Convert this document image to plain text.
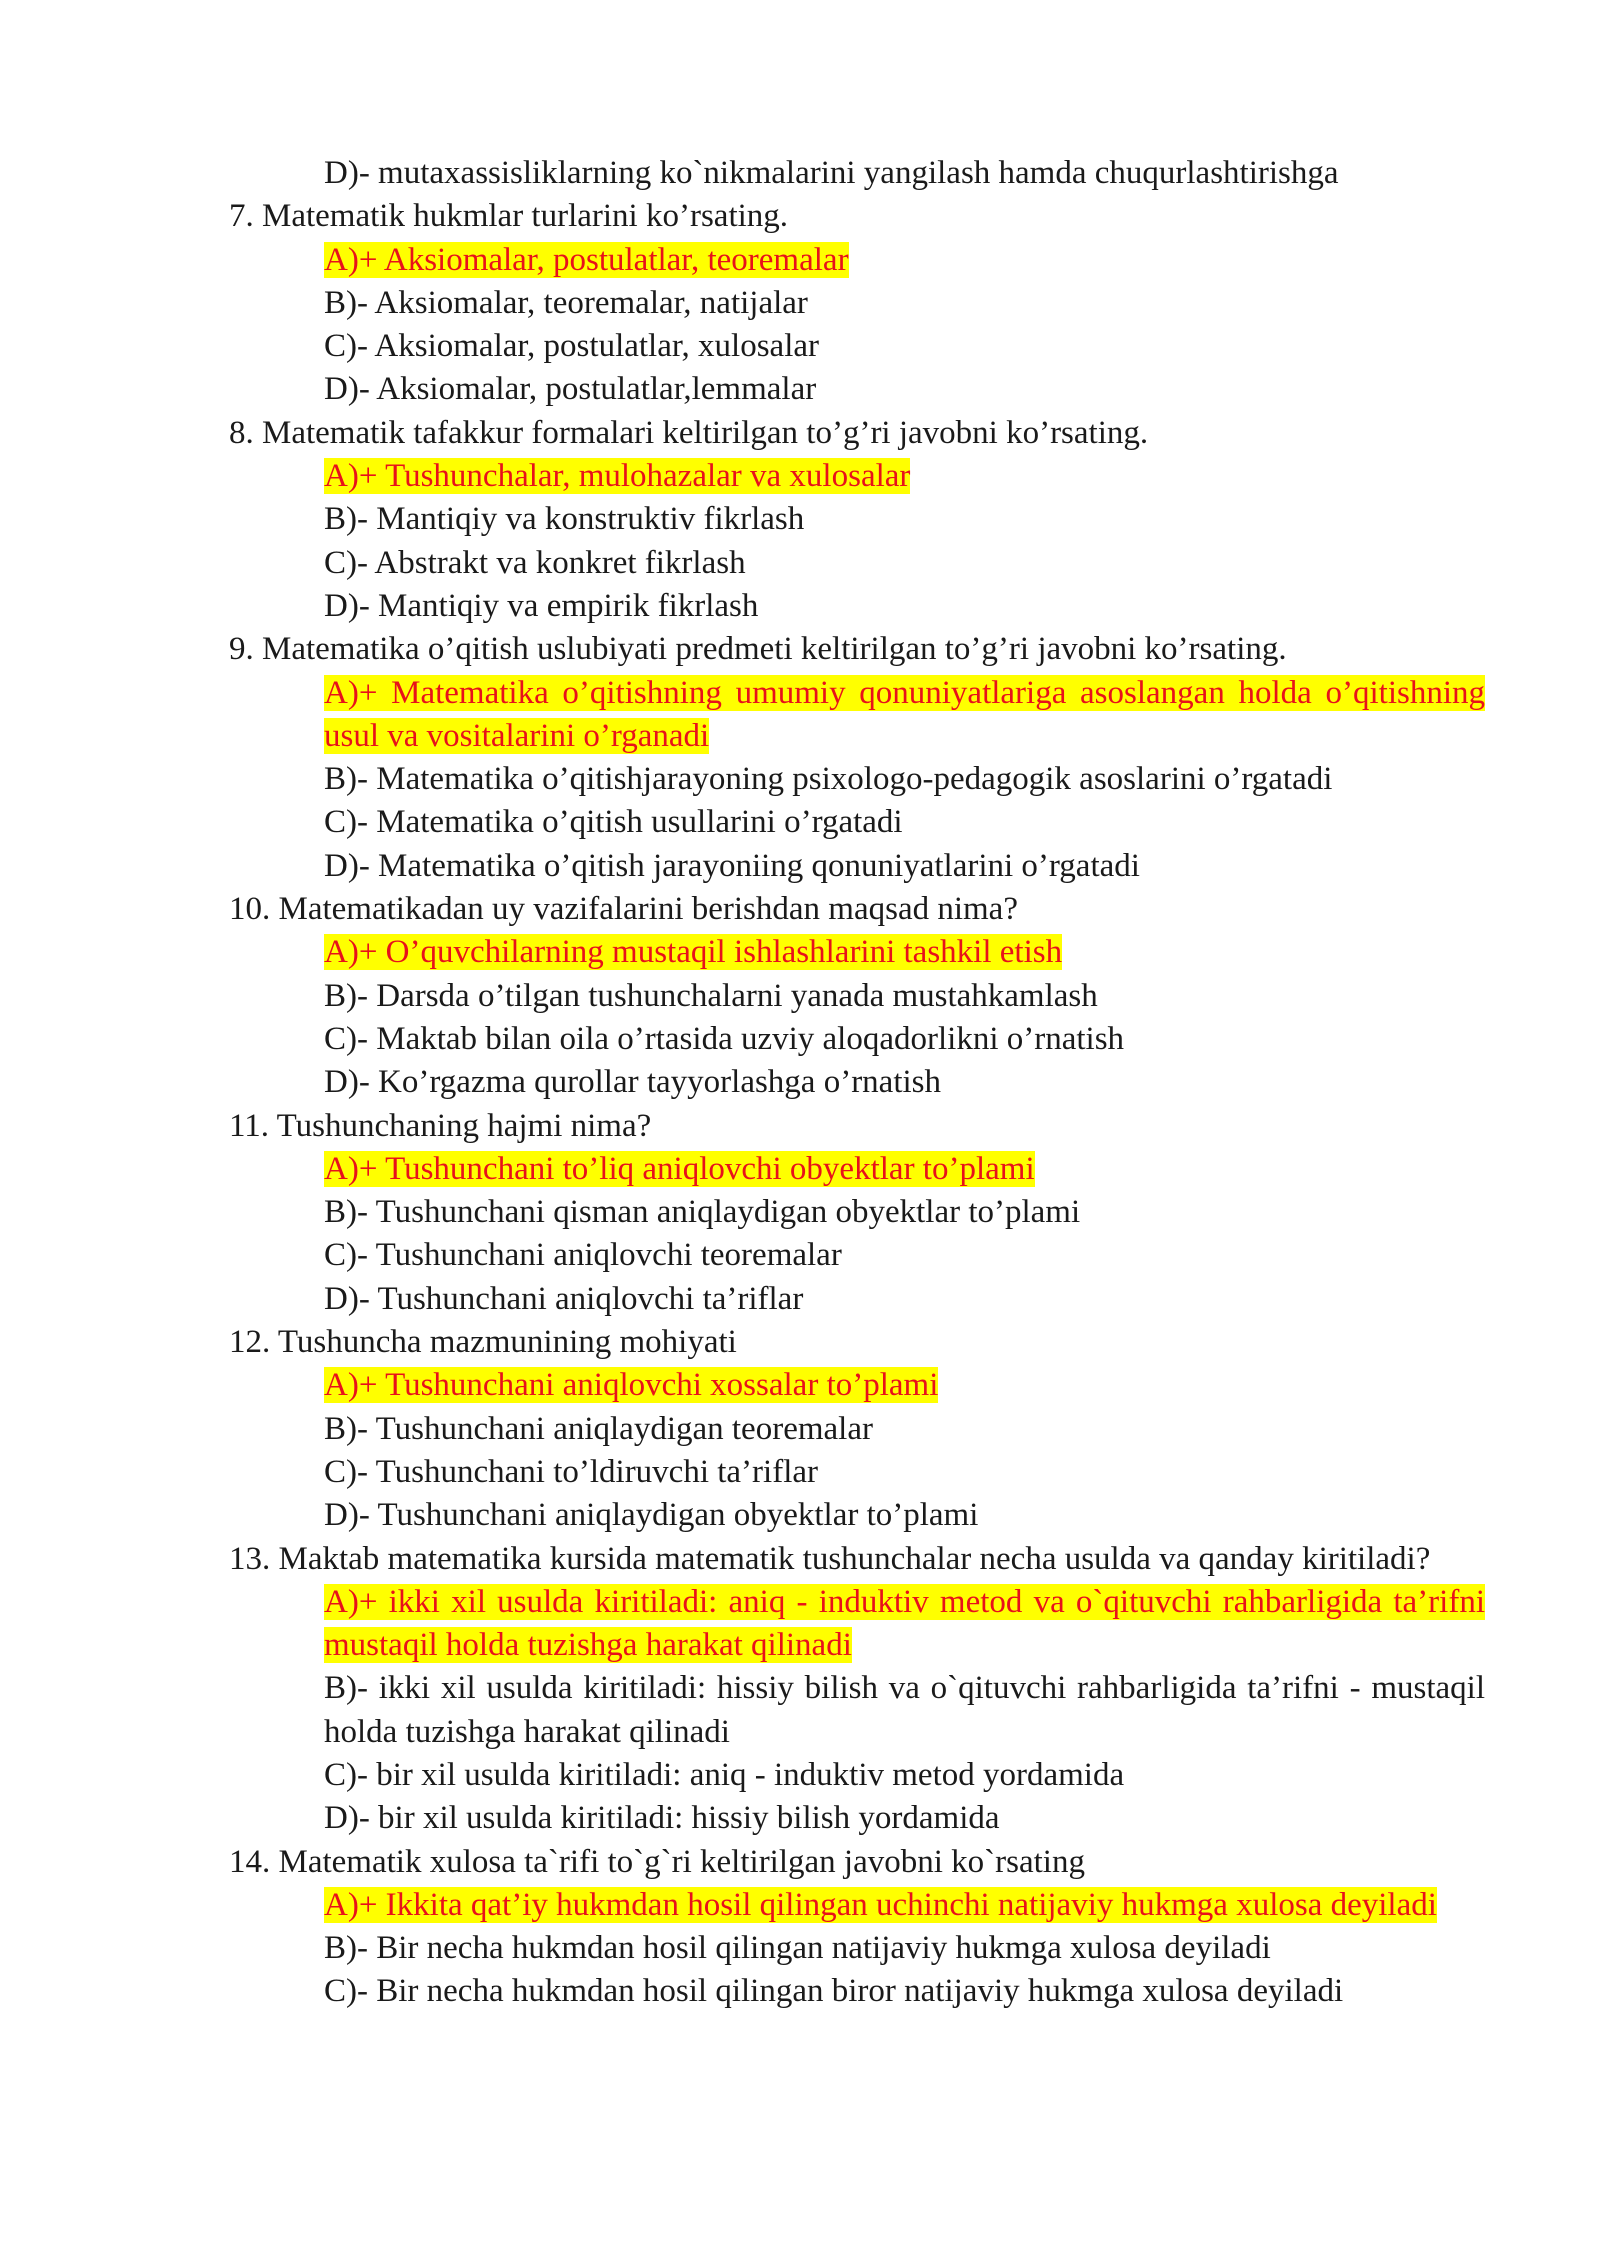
D)- mutaxassisliklarning ko`nikmalarini yangilash hamda chuqurlashtirishga
7. Matematik hukmlar turlarini ko’rsating.
A)+ Aksiomalar, postulatlar, teoremalar
B)- Aksiomalar, teoremalar, natijalar
C)- Aksiomalar, postulatlar, xulosalar
D)- Aksiomalar, postulatlar,lemmalar
8. Matematik tafakkur formalari keltirilgan to’g’ri javobni ko’rsating.
A)+ Tushunchalar, mulohazalar va xulosalar
B)- Mantiqiy va konstruktiv fikrlash
C)- Abstrakt va konkret fikrlash
D)- Mantiqiy va empirik fikrlash
9. Matematika o’qitish uslubiyati predmeti keltirilgan to’g’ri javobni ko’rsating.
A)+ Matematika o’qitishning umumiy qonuniyatlariga asoslangan holda o’qitishning usul va vositalarini o’rganadi
B)- Matematika o’qitishjarayoning psixologo-pedagogik asoslarini o’rgatadi
C)- Matematika o’qitish usullarini o’rgatadi
D)- Matematika o’qitish jarayoniing qonuniyatlarini o’rgatadi
10. Matematikadan uy vazifalarini berishdan maqsad nima?
A)+ O’quvchilarning mustaqil ishlashlarini tashkil etish
B)- Darsda o’tilgan tushunchalarni yanada mustahkamlash
C)- Maktab bilan oila o’rtasida uzviy aloqadorlikni o’rnatish
D)- Ko’rgazma qurollar tayyorlashga o’rnatish
11. Tushunchaning hajmi nima?
A)+ Tushunchani to’liq aniqlovchi obyektlar to’plami
B)- Tushunchani qisman aniqlaydigan obyektlar to’plami
C)- Tushunchani aniqlovchi teoremalar
D)- Tushunchani aniqlovchi ta’riflar
12. Tushuncha mazmunining mohiyati
A)+ Tushunchani aniqlovchi xossalar to’plami
B)- Tushunchani aniqlaydigan teoremalar
C)- Tushunchani to’ldiruvchi ta’riflar
D)- Tushunchani aniqlaydigan obyektlar to’plami
13. Maktab matematika kursida matematik tushunchalar necha usulda va qanday kiritiladi?
A)+ ikki xil usulda kiritiladi: aniq - induktiv metod va o`qituvchi rahbarligida ta’rifni mustaqil holda tuzishga harakat qilinadi
B)- ikki xil usulda kiritiladi: hissiy bilish va o`qituvchi rahbarligida ta’rifni - mustaqil holda tuzishga harakat qilinadi
C)- bir xil usulda kiritiladi: aniq - induktiv metod yordamida
D)- bir xil usulda kiritiladi: hissiy bilish yordamida
14. Matematik xulosa ta`rifi to`g`ri keltirilgan javobni ko`rsating
A)+ Ikkita qat’iy hukmdan hosil qilingan uchinchi natijaviy hukmga xulosa deyiladi
B)- Bir necha hukmdan hosil qilingan natijaviy hukmga xulosa deyiladi
C)- Bir necha hukmdan hosil qilingan biror natijaviy hukmga xulosa deyiladi
